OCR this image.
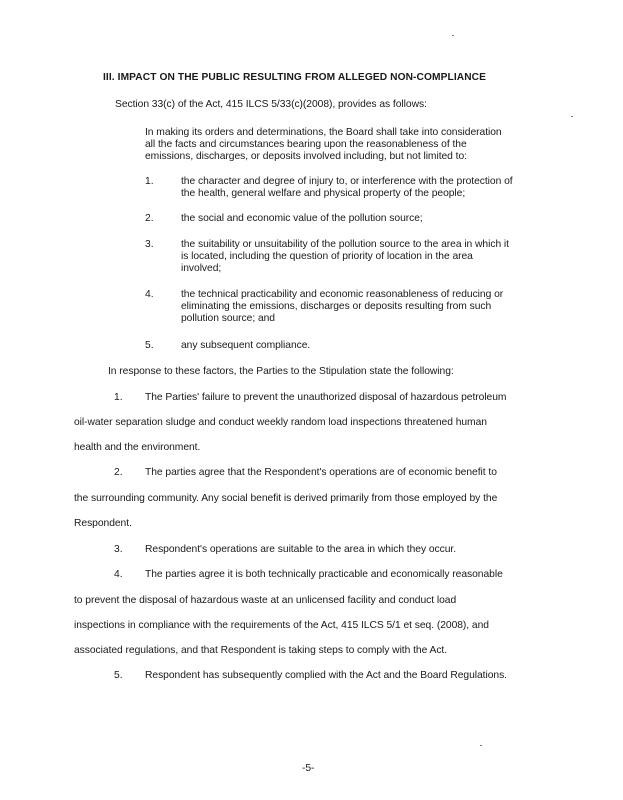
III. IMPACT ON THE PUBLIC RESULTING FROM ALLEGED NON-COMPLIANCE
Section 33(c) of the Act, 415 ILCS 5/33(c)(2008), provides as follows:
In making its orders and determinations, the Board shall take into consideration
all the facts and circumstances bearing upon the reasonableness of the
emissions, discharges, or deposits involved including, but not limited to:
1.	the character and degree of injury to, or interference with the protection of
the health, general welfare and physical property of the people;
2.	the social and economic value of the pollution source;
3.	the suitability or unsuitability of the pollution source to the area in which it
is located, including the question of priority of location in the area
involved;
4.	the technical practicability and economic reasonableness of reducing or
eliminating the emissions, discharges or deposits resulting from such
pollution source; and
5.	any subsequent compliance.
In response to these factors, the Parties to the Stipulation state the following:
1. The Parties' failure to prevent the unauthorized disposal of hazardous petroleum
oil-water separation sludge and conduct weekly random load inspections threatened human
health and the environment.
2. The parties agree that the Respondent's operations are of economic benefit to
the surrounding community. Any social benefit is derived primarily from those employed by the
Respondent.
3. Respondent's operations are suitable to the area in which they occur.
4. The parties agree it is both technically practicable and economically reasonable
to prevent the disposal of hazardous waste at an unlicensed facility and conduct load
inspections in compliance with the requirements of the Act, 415 ILCS 5/1 et seq. (2008), and
associated regulations, and that Respondent is taking steps to comply with the Act.
5. Respondent has subsequently complied with the Act and the Board Regulations.
-5-
